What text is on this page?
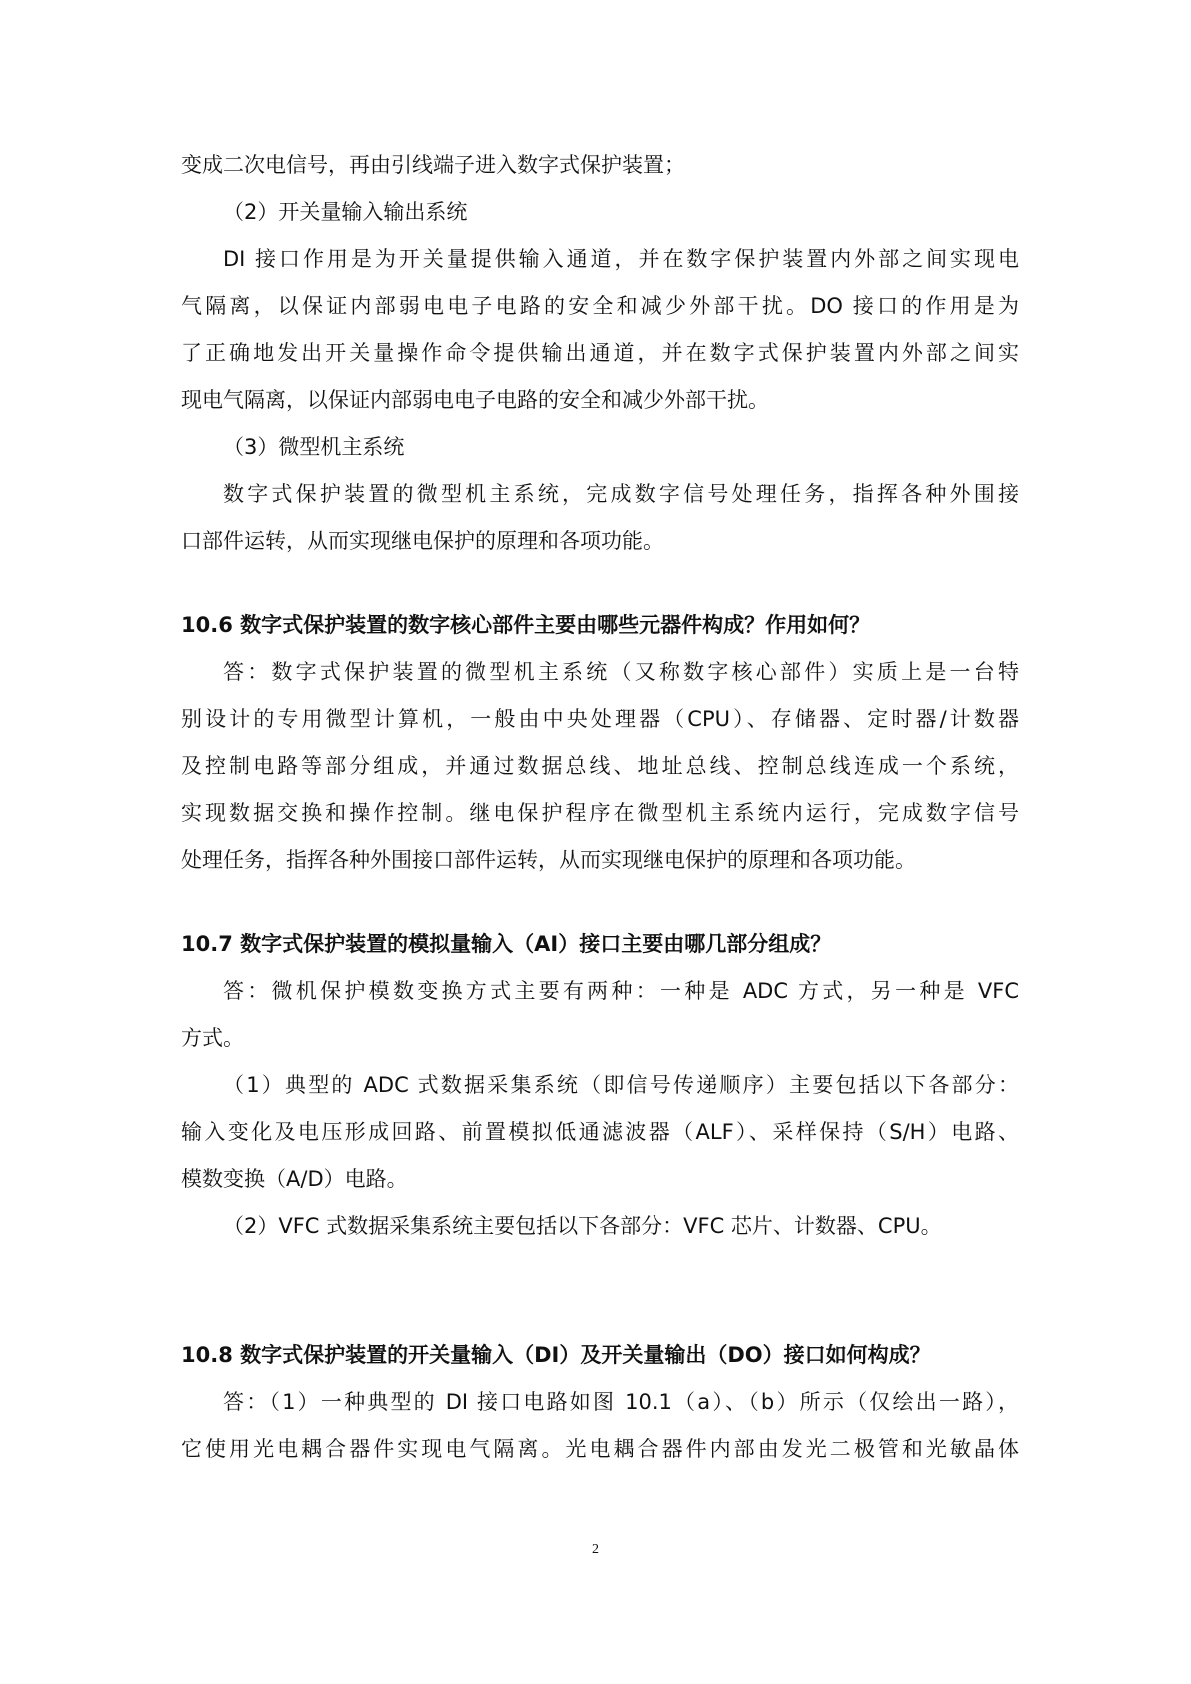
变成二次电信号，再由引线端子进入数字式保护装置；
（2）开关量输入输出系统
DI 接口作用是为开关量提供输入通道，并在数字保护装置内外部之间实现电
气隔离，以保证内部弱电电子电路的安全和减少外部干扰。DO 接口的作用是为
了正确地发出开关量操作命令提供输出通道，并在数字式保护装置内外部之间实
现电气隔离，以保证内部弱电电子电路的安全和减少外部干扰。
（3）微型机主系统
数字式保护装置的微型机主系统，完成数字信号处理任务，指挥各种外围接
口部件运转，从而实现继电保护的原理和各项功能。
10.6 数字式保护装置的数字核心部件主要由哪些元器件构成？作用如何？
答：数字式保护装置的微型机主系统（又称数字核心部件）实质上是一台特
别设计的专用微型计算机，一般由中央处理器（CPU）、存储器、定时器/计数器
及控制电路等部分组成，并通过数据总线、地址总线、控制总线连成一个系统，
实现数据交换和操作控制。继电保护程序在微型机主系统内运行，完成数字信号
处理任务，指挥各种外围接口部件运转，从而实现继电保护的原理和各项功能。
10.7 数字式保护装置的模拟量输入（AI）接口主要由哪几部分组成？
答：微机保护模数变换方式主要有两种：一种是 ADC 方式，另一种是 VFC
方式。
（1）典型的 ADC 式数据采集系统（即信号传递顺序）主要包括以下各部分：
输入变化及电压形成回路、前置模拟低通滤波器（ALF）、采样保持（S/H）电路、
模数变换（A/D）电路。
（2）VFC 式数据采集系统主要包括以下各部分：VFC 芯片、计数器、CPU。
10.8 数字式保护装置的开关量输入（DI）及开关量输出（DO）接口如何构成？
答：（1）一种典型的 DI 接口电路如图 10.1（a）、（b）所示（仅绘出一路），
它使用光电耦合器件实现电气隔离。光电耦合器件内部由发光二极管和光敏晶体
2
